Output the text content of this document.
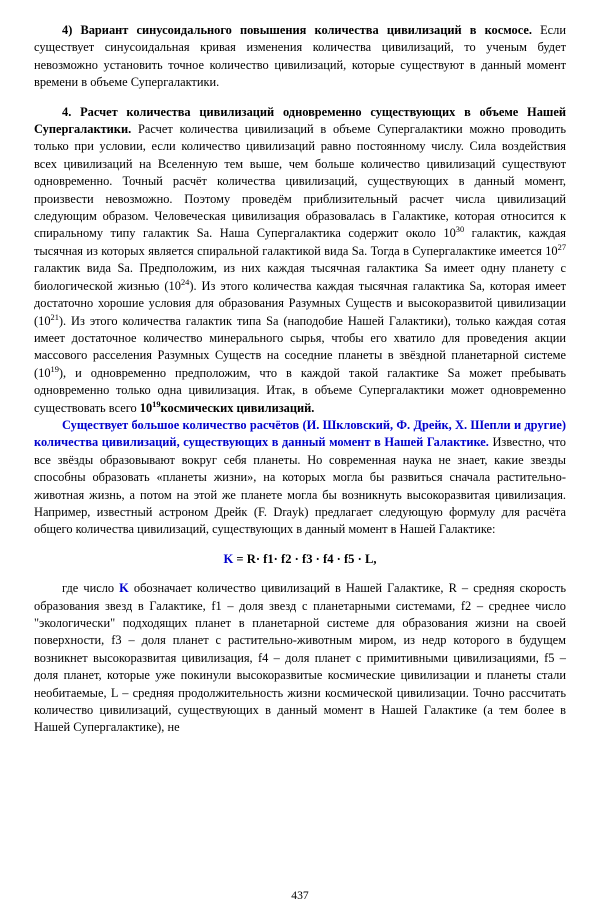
4) Вариант синусоидального повышения количества цивилизаций в космосе. Если существует синусоидальная кривая изменения количества цивилизаций, то ученым будет невозможно установить точное количество цивилизаций, которые существуют в данный момент времени в объеме Супергалактики.

4. Расчет количества цивилизаций одновременно существующих в объеме Нашей Супергалактики. Расчет количества цивилизаций в объеме Супергалактики можно проводить только при условии, если количество цивилизаций равно постоянному числу. Сила воздействия всех цивилизаций на Вселенную тем выше, чем больше количество цивилизаций существуют одновременно. Точный расчёт количества цивилизаций, существующих в данный момент, произвести невозможно. Поэтому проведём приблизительный расчет числа цивилизаций следующим образом. Человеческая цивилизация образовалась в Галактике, которая относится к спиральному типу галактик Sa. Наша Супергалактика содержит около $10^{30}$ галактик, каждая тысячная из которых является спиральной галактикой вида Sa. Тогда в Супергалактике имеется $10^{27}$ галактик вида Sa. Предположим, из них каждая тысячная галактика Sa имеет одну планету с биологической жизнью $(10^{24})$. Из этого количества каждая тысячная галактика Sa, которая имеет достаточно хорошие условия для образования Разумных Существ и высокоразвитой цивилизации $(10^{21})$. Из этого количества галактик типа Sa (наподобие Нашей Галактики), только каждая сотая имеет достаточное количество минерального сырья, чтобы его хватило для проведения акции массового расселения Разумных Существ на соседние планеты в звёздной планетарной системе $(10^{19})$, и одновременно предположим, что в каждой такой галактике Sa может пребывать одновременно только одна цивилизация. Итак, в объеме Супергалактики может одновременно существовать всего $10^{19}космических$ цивилизаций.

Существует большое количество расчётов (И. Шкловский, Ф. Дрейк, X. Шепли и другие) количества цивилизаций, существующих в данный момент в Нашей Галактике. Известно, что все звёзды образовывают вокруг себя планеты. Но современная наука не знает, какие звезды способны образовать «планеты жизни», на которых могла бы развиться сначала растительно-животная жизнь, а потом на этой же планете могла бы возникнуть высокоразвитая цивилизация. Например, известный астроном Дрейк (F. Drayk) предлагает следующую формулу для расчёта общего количества цивилизаций, существующих в данный момент в Нашей Галактике:

K = R· f1· f2 · f3 · f4 · f5 · L,

где число K обозначает количество цивилизаций в Нашей Галактике, R – средняя скорость образования звезд в Галактике, f1 – доля звезд с планетарными системами, f2 – среднее число "экологически" подходящих планет в планетарной системе для образования жизни на своей поверхности, f3 – доля планет с растительно-животным миром, из недр которого в будущем возникнет высокоразвитая цивилизация, f4 – доля планет с примитивными цивилизациями, f5 – доля планет, которые уже покинули высокоразвитые космические цивилизации и планеты стали необитаемые, L – средняя продолжительность жизни космической цивилизации. Точно рассчитать количество цивилизаций, существующих в данный момент в Нашей Галактике (а тем более в Нашей Супергалактике), не

437
